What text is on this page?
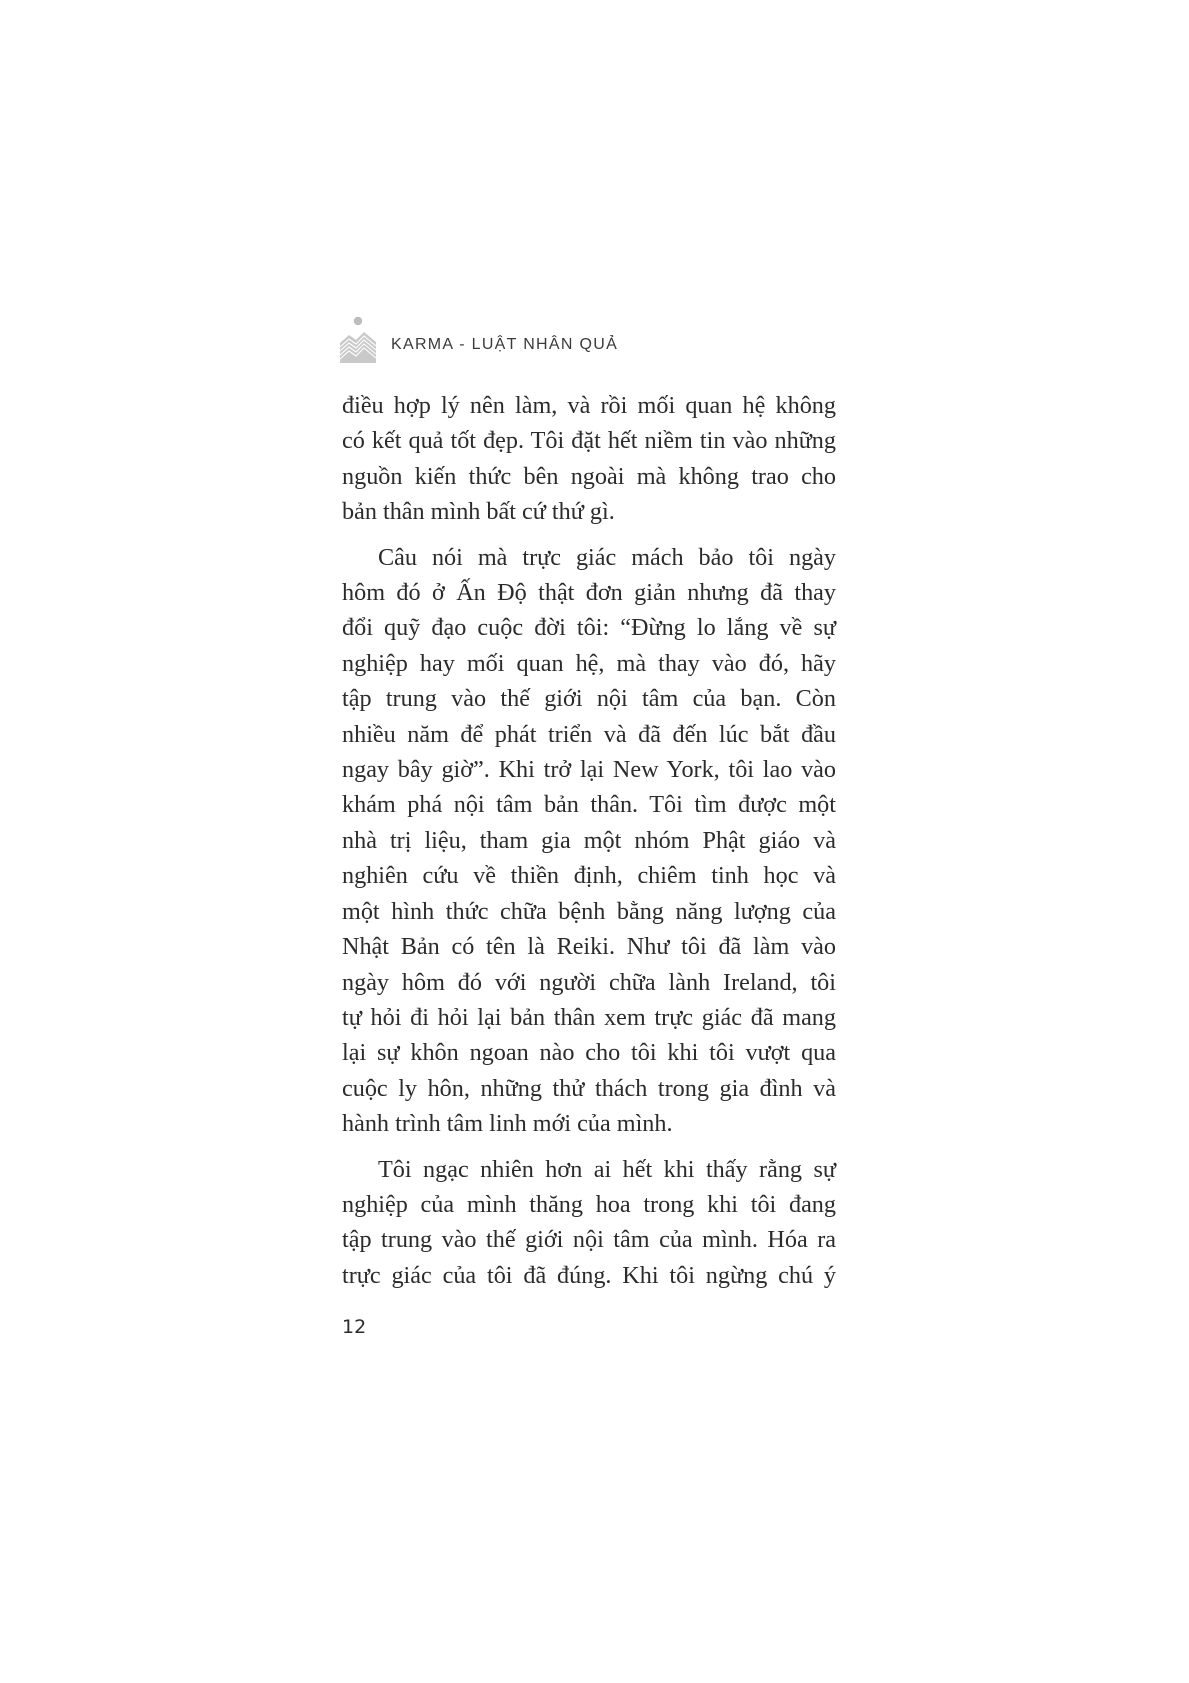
KARMA - LUẬT NHÂN QUẢ

điều hợp lý nên làm, và rồi mối quan hệ không
có kết quả tốt đẹp. Tôi đặt hết niềm tin vào những
nguồn kiến thức bên ngoài mà không trao cho
bản thân mình bất cứ thứ gì.

Câu nói mà trực giác mách bảo tôi ngày
hôm đó ở Ấn Độ thật đơn giản nhưng đã thay
đổi quỹ đạo cuộc đời tôi: “Đừng lo lắng về sự
nghiệp hay mối quan hệ, mà thay vào đó, hãy
tập trung vào thế giới nội tâm của bạn. Còn
nhiều năm để phát triển và đã đến lúc bắt đầu
ngay bây giờ”. Khi trở lại New York, tôi lao vào
khám phá nội tâm bản thân. Tôi tìm được một
nhà trị liệu, tham gia một nhóm Phật giáo và
nghiên cứu về thiền định, chiêm tinh học và
một hình thức chữa bệnh bằng năng lượng của
Nhật Bản có tên là Reiki. Như tôi đã làm vào
ngày hôm đó với người chữa lành Ireland, tôi
tự hỏi đi hỏi lại bản thân xem trực giác đã mang
lại sự khôn ngoan nào cho tôi khi tôi vượt qua
cuộc ly hôn, những thử thách trong gia đình và
hành trình tâm linh mới của mình.

Tôi ngạc nhiên hơn ai hết khi thấy rằng sự
nghiệp của mình thăng hoa trong khi tôi đang
tập trung vào thế giới nội tâm của mình. Hóa ra
trực giác của tôi đã đúng. Khi tôi ngừng chú ý

12
